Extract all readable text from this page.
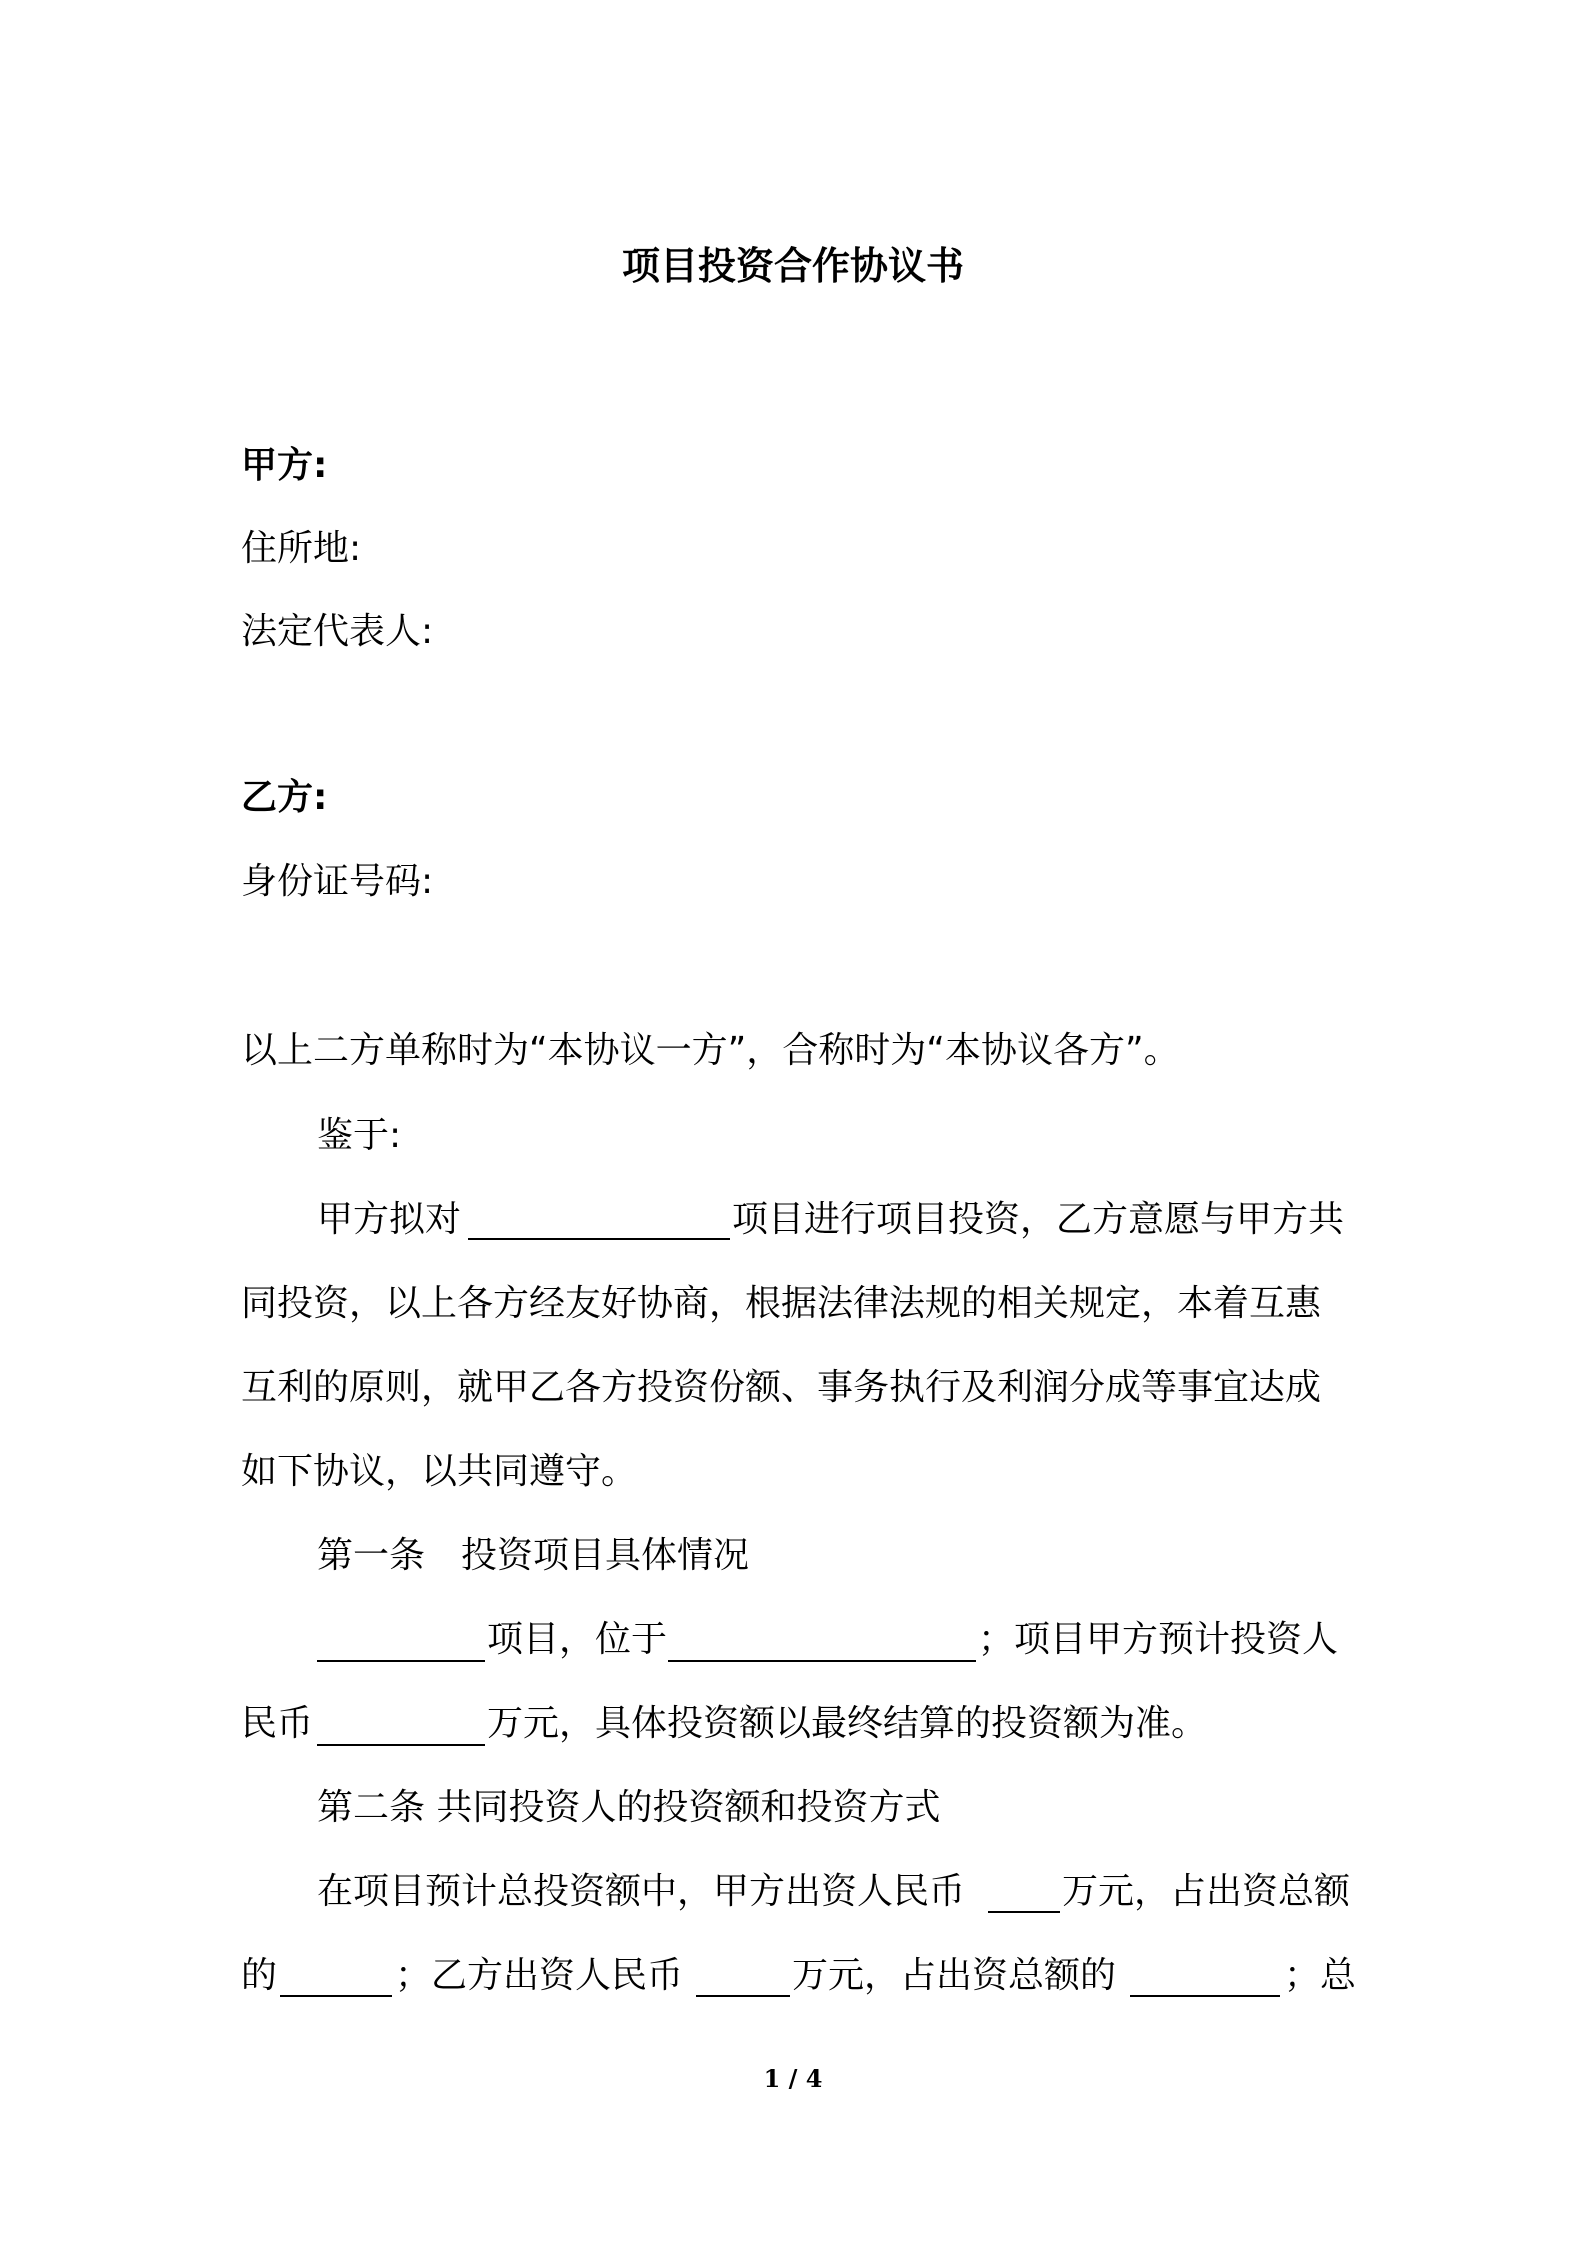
项目投资合作协议书
甲方:
住所地:
法定代表人:
乙方:
身份证号码:
以上二方单称时为“本协议一方”，合称时为“本协议各方”。
鉴于:
甲方拟对	项目进行项目投资，乙方意愿与甲方共
同投资，以上各方经友好协商，根据法律法规的相关规定，本着互惠
互利的原则，就甲乙各方投资份额、事务执行及利润分成等事宜达成
如下协议，以共同遵守。
第一条　投资项目具体情况
项目，位于	；项目甲方预计投资人
民币	万元，具体投资额以最终结算的投资额为准。
第二条 共同投资人的投资额和投资方式
在项目预计总投资额中，甲方出资人民币	万元，占出资总额
的	；乙方出资人民币	万元，占出资总额的	；总
1 / 4
